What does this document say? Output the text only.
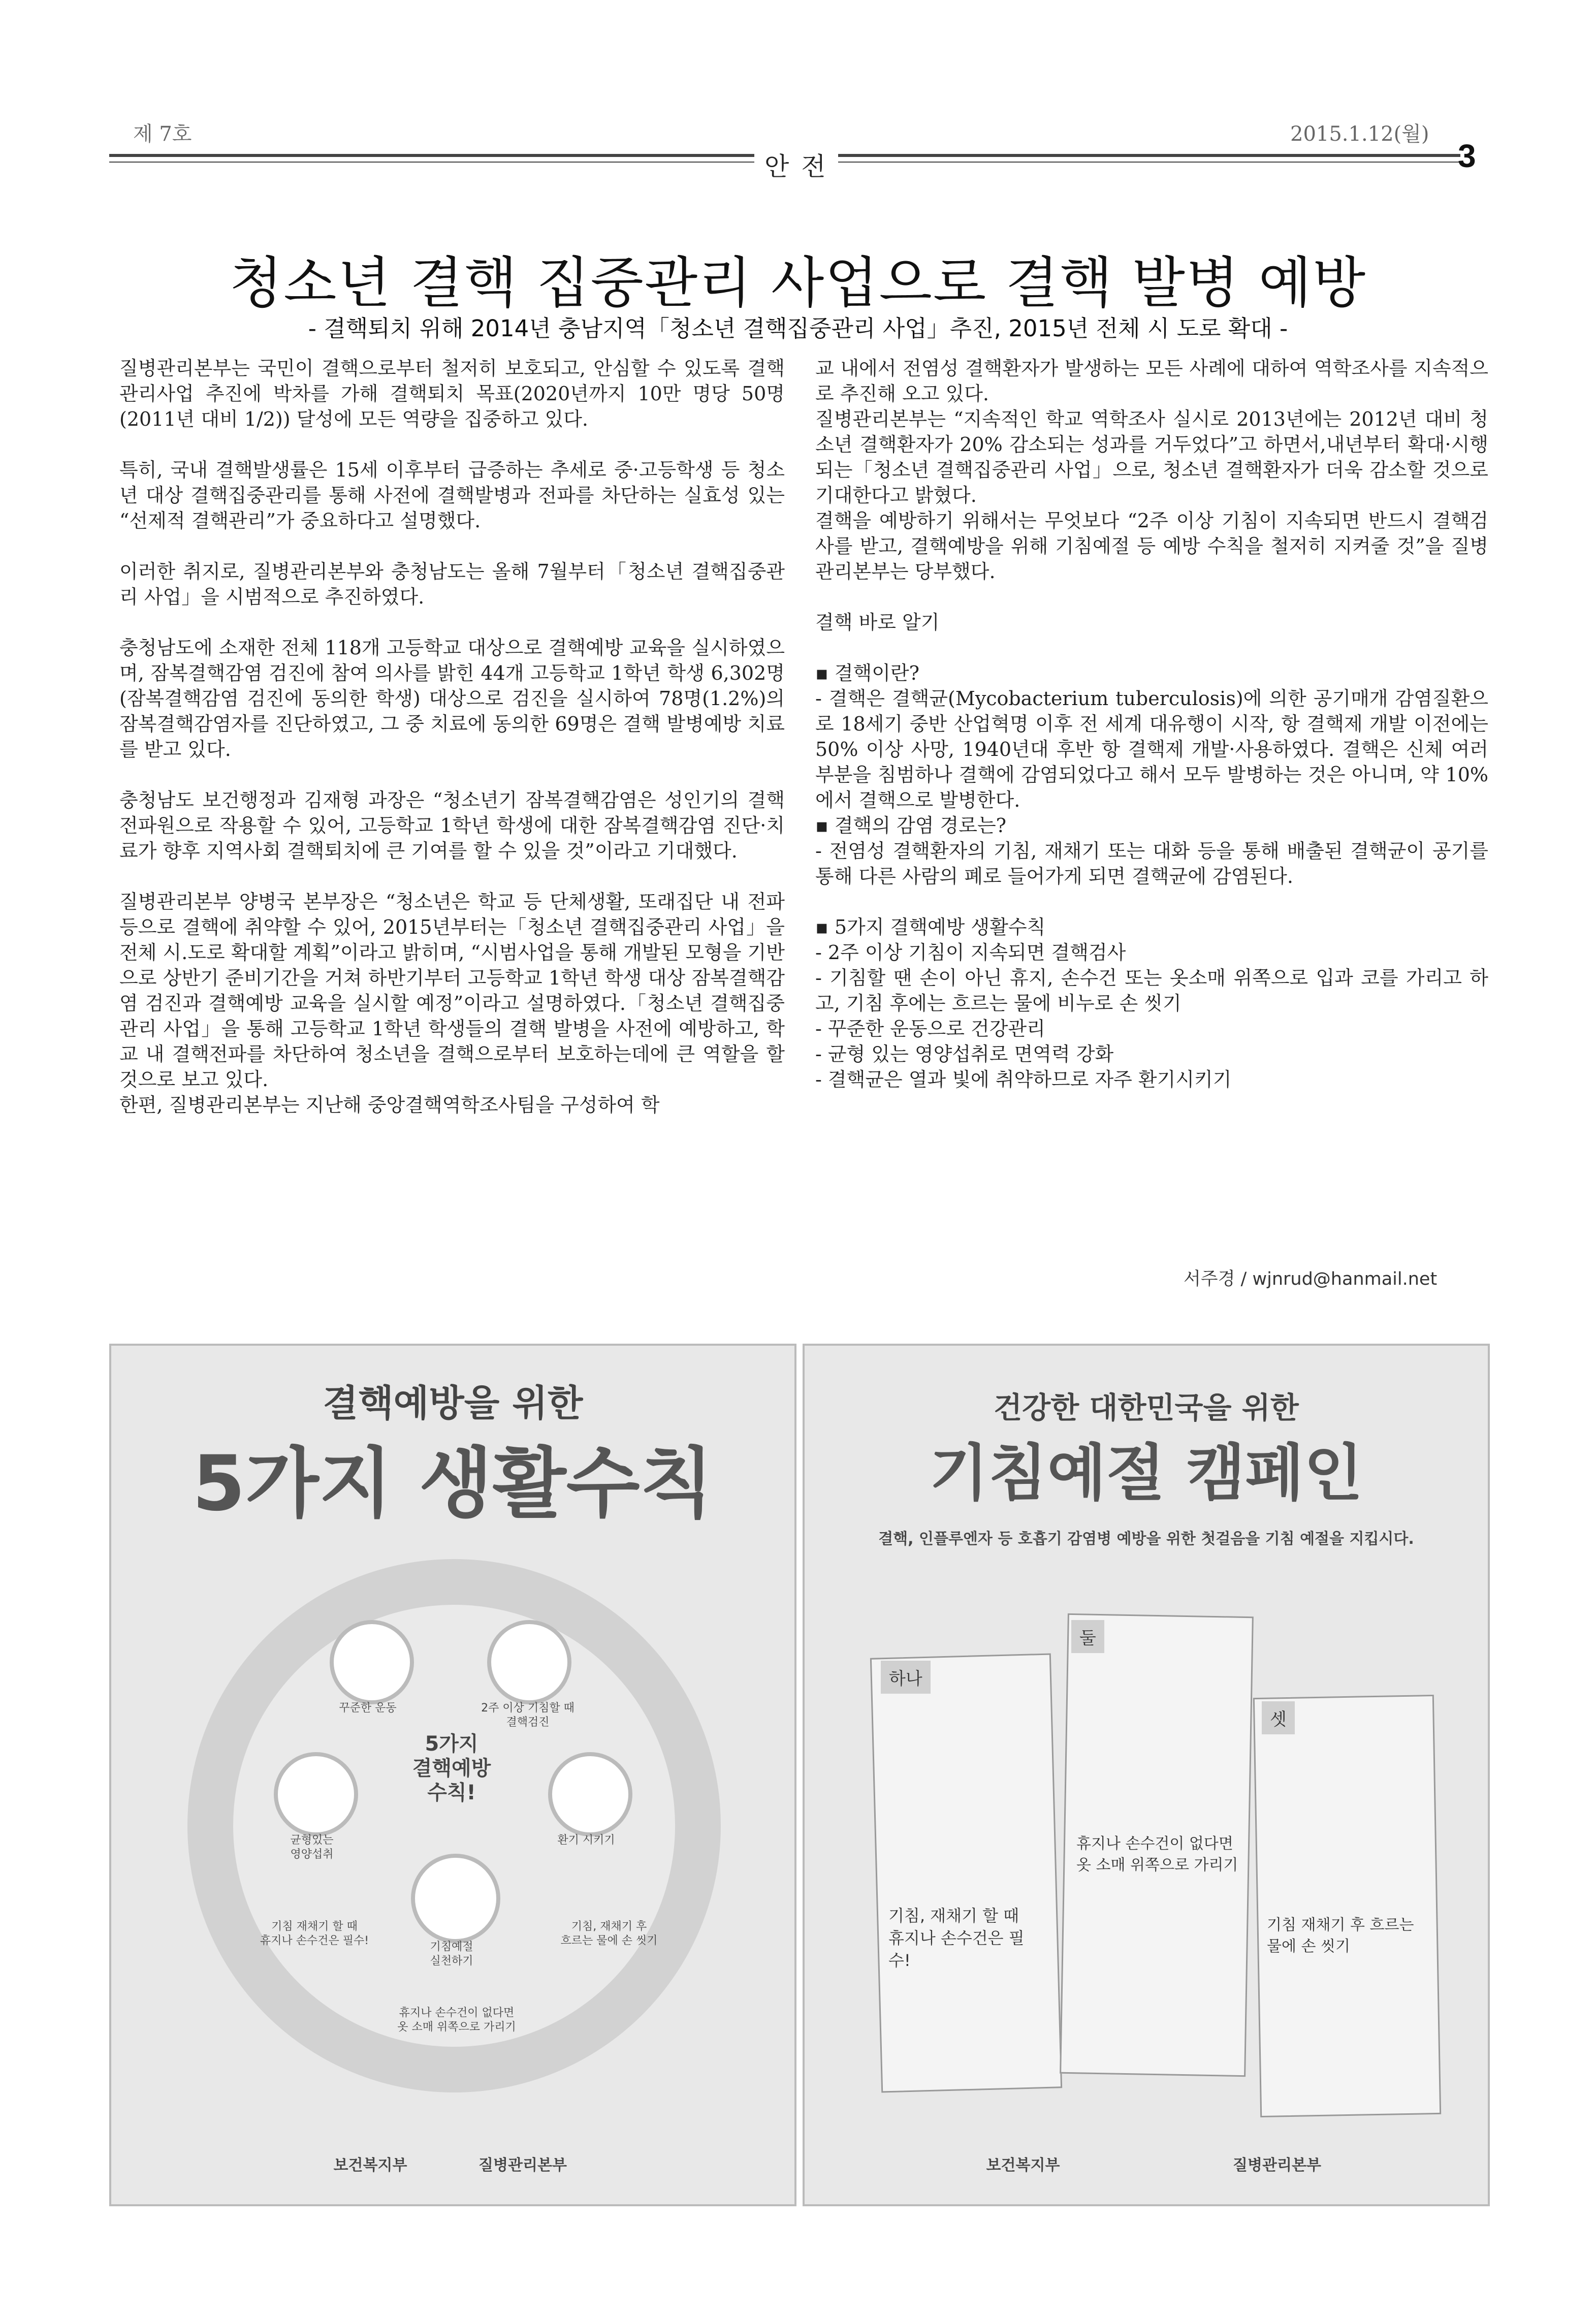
제 7호	2015.1.12(월)
안 전	3
청소년 결핵 집중관리 사업으로 결핵 발병 예방
- 결핵퇴치 위해 2014년 충남지역「청소년 결핵집중관리 사업」추진, 2015년 전체 시 도로 확대 -

질병관리본부는 국민이 결핵으로부터 철저히 보호되고, 안심할 수 있도록 결핵관리사업 추진에 박차를 가해 결핵퇴치 목표(2020년까지 10만 명당 50명(2011년 대비 1/2)) 달성에 모든 역량을 집중하고 있다.

특히, 국내 결핵발생률은 15세 이후부터 급증하는 추세로 중·고등학생 등 청소년 대상 결핵집중관리를 통해 사전에 결핵발병과 전파를 차단하는 실효성 있는 “선제적 결핵관리”가 중요하다고 설명했다.

이러한 취지로, 질병관리본부와 충청남도는 올해 7월부터「청소년 결핵집중관리 사업」을 시범적으로 추진하였다.

충청남도에 소재한 전체 118개 고등학교 대상으로 결핵예방 교육을 실시하였으며, 잠복결핵감염 검진에 참여 의사를 밝힌 44개 고등학교 1학년 학생 6,302명(잠복결핵감염 검진에 동의한 학생) 대상으로 검진을 실시하여 78명(1.2%)의 잠복결핵감염자를 진단하였고, 그 중 치료에 동의한 69명은 결핵 발병예방 치료를 받고 있다.

충청남도 보건행정과 김재형 과장은 “청소년기 잠복결핵감염은 성인기의 결핵전파원으로 작용할 수 있어, 고등학교 1학년 학생에 대한 잠복결핵감염 진단·치료가 향후 지역사회 결핵퇴치에 큰 기여를 할 수 있을 것”이라고 기대했다.

질병관리본부 양병국 본부장은 “청소년은 학교 등 단체생활, 또래집단 내 전파 등으로 결핵에 취약할 수 있어, 2015년부터는「청소년 결핵집중관리 사업」을 전체 시.도로 확대할 계획”이라고 밝히며, “시범사업을 통해 개발된 모형을 기반으로 상반기 준비기간을 거쳐 하반기부터 고등학교 1학년 학생 대상 잠복결핵감염 검진과 결핵예방 교육을 실시할 예정”이라고 설명하였다.「청소년 결핵집중관리 사업」을 통해 고등학교 1학년 학생들의 결핵 발병을 사전에 예방하고, 학교 내 결핵전파를 차단하여 청소년을 결핵으로부터 보호하는데에 큰 역할을 할 것으로 보고 있다.

한편, 질병관리본부는 지난해 중앙결핵역학조사팀을 구성하여 학

교 내에서 전염성 결핵환자가 발생하는 모든 사례에 대하여 역학조사를 지속적으로 추진해 오고 있다.

질병관리본부는 “지속적인 학교 역학조사 실시로 2013년에는 2012년 대비 청소년 결핵환자가 20% 감소되는 성과를 거두었다”고 하면서,내년부터 확대·시행되는「청소년 결핵집중관리 사업」으로, 청소년 결핵환자가 더욱 감소할 것으로 기대한다고 밝혔다.

결핵을 예방하기 위해서는 무엇보다 “2주 이상 기침이 지속되면 반드시 결핵검사를 받고, 결핵예방을 위해 기침예절 등 예방 수칙을 철저히 지켜줄 것”을 질병관리본부는 당부했다.

결핵 바로 알기

▪ 결핵이란?

- 결핵은 결핵균(Mycobacterium tuberculosis)에 의한 공기매개 감염질환으로 18세기 중반 산업혁명 이후 전 세계 대유행이 시작, 항 결핵제 개발 이전에는 50% 이상 사망, 1940년대 후반 항 결핵제 개발·사용하였다. 결핵은 신체 여러 부분을 침범하나 결핵에 감염되었다고 해서 모두 발병하는 것은 아니며, 약 10%에서 결핵으로 발병한다.

▪ 결핵의 감염 경로는?

- 전염성 결핵환자의 기침, 재채기 또는 대화 등을 통해 배출된 결핵균이 공기를 통해 다른 사람의 폐로 들어가게 되면 결핵균에 감염된다.

▪ 5가지 결핵예방 생활수칙

- 2주 이상 기침이 지속되면 결핵검사

- 기침할 땐 손이 아닌 휴지, 손수건 또는 옷소매 위쪽으로 입과 코를 가리고 하고, 기침 후에는 흐르는 물에 비누로 손 씻기

- 꾸준한 운동으로 건강관리

- 균형 있는 영양섭취로 면역력 강화

- 결핵균은 열과 빛에 취약하므로 자주 환기시키기

서주경 / wjnrud@hanmail.net
결핵예방을 위한
5가지 생활수칙
꾸준한 운동	2주 이상 기침할 때
결핵검진
균형있는
영양섭취
환기 시키기
기침예절
실천하기
5가지
결핵예방
수칙!
기침 재채기 할 때
휴지나 손수건은 필수!
기침, 재채기 후
흐르는 물에 손 씻기
휴지나 손수건이 없다면
옷 소매 위쪽으로 가리기
보건복지부	질병관리본부
건강한 대한민국을 위한
기침예절 캠페인
결핵, 인플루엔자 등 호흡기 감염병 예방을 위한 첫걸음을 기침 예절을 지킵시다.
하나
기침, 재채기 할 때
휴지나 손수건은 필수!
둘
휴지나 손수건이 없다면
옷 소매 위쪽으로 가리기
셋
기침 재채기 후 흐르는
물에 손 씻기
보건복지부	질병관리본부
